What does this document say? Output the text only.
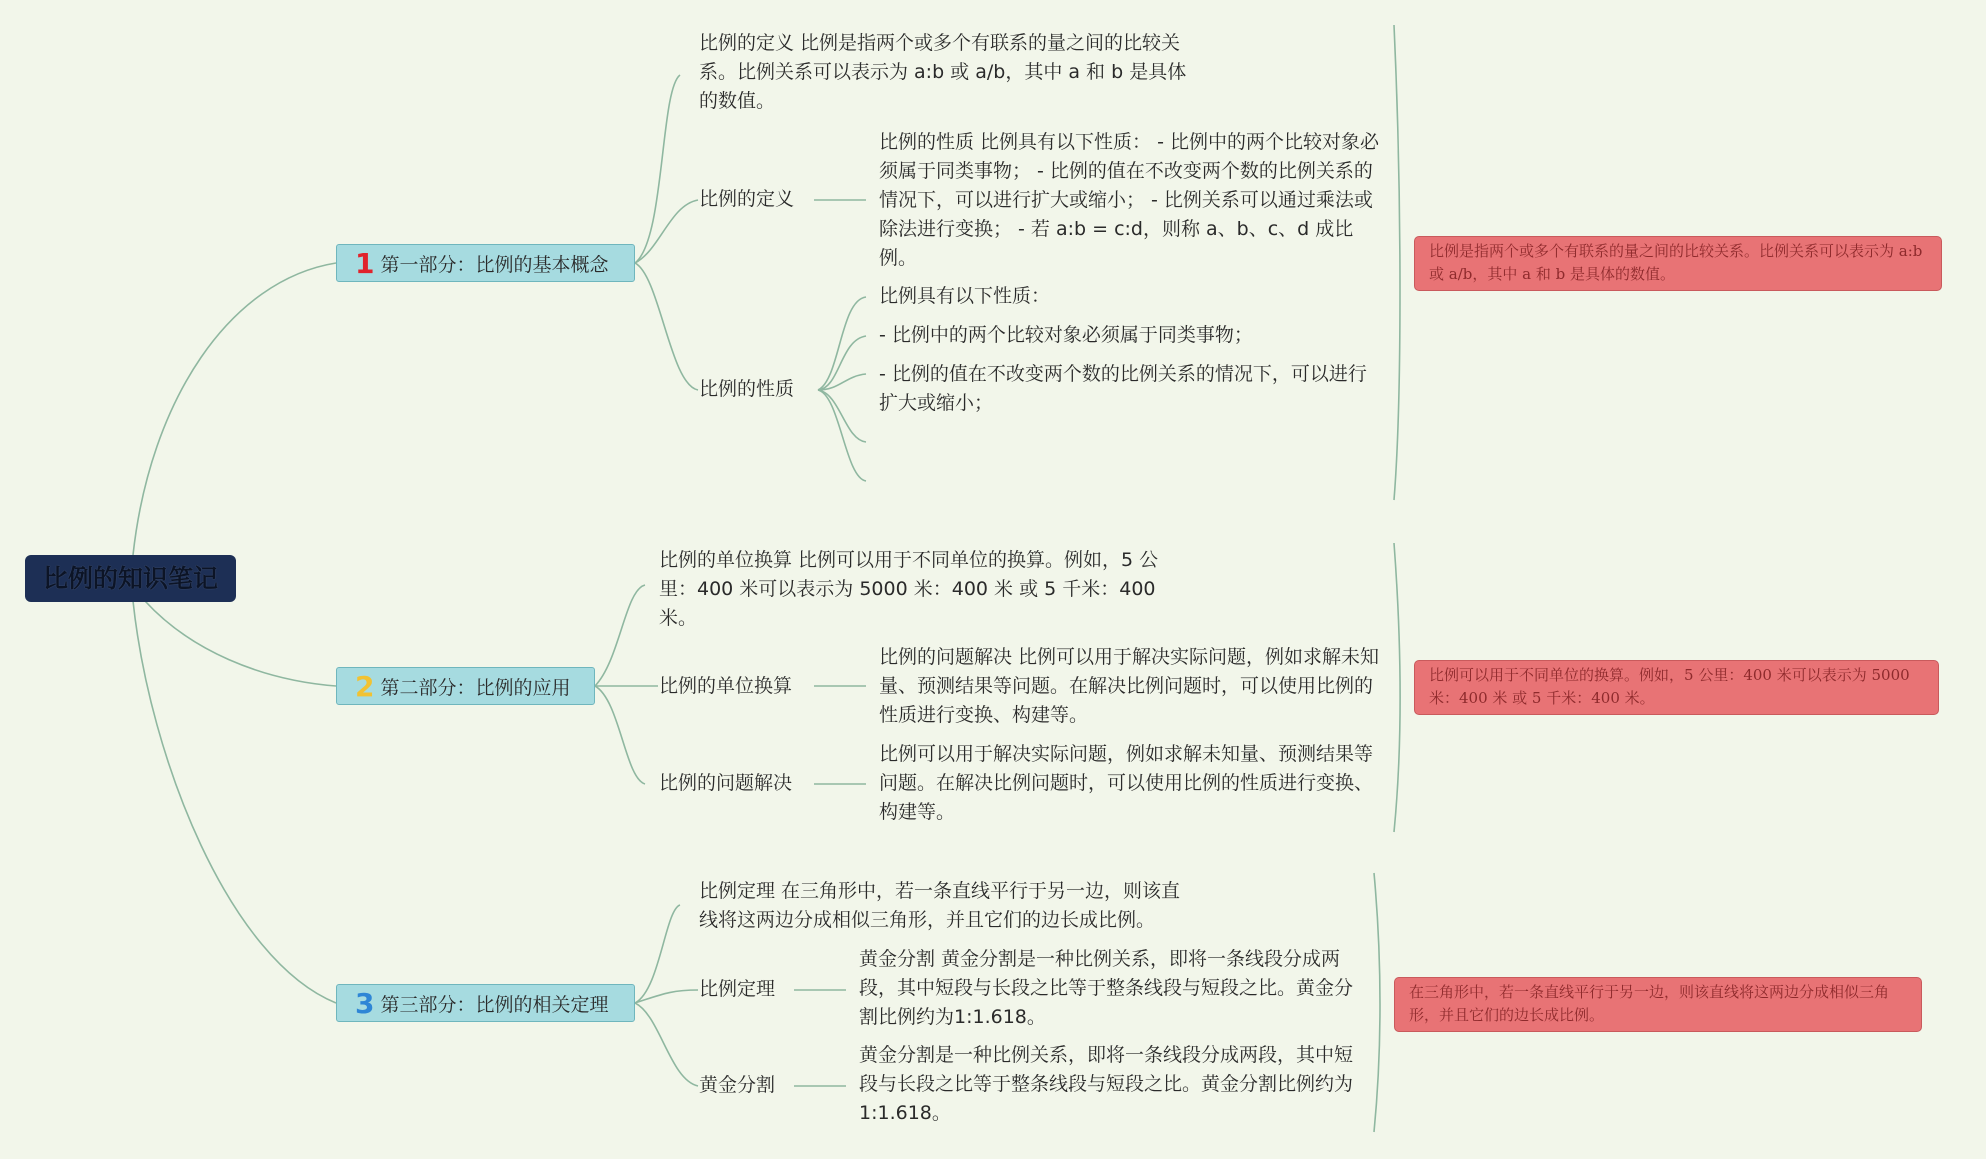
比例的知识笔记
1 第一部分：比例的基本概念
比例的定义 比例是指两个或多个有联系的量之间的比较关系。比例关系可以表示为 a:b 或 a/b，其中 a 和 b 是具体的数值。
比例的定义
比例的性质 比例具有以下性质： - 比例中的两个比较对象必须属于同类事物； - 比例的值在不改变两个数的比例关系的情况下，可以进行扩大或缩小； - 比例关系可以通过乘法或除法进行变换； - 若 a:b = c:d，则称 a、b、c、d 成比例。
比例的性质
比例具有以下性质：
- 比例中的两个比较对象必须属于同类事物；
- 比例的值在不改变两个数的比例关系的情况下，可以进行扩大或缩小；
比例是指两个或多个有联系的量之间的比较关系。比例关系可以表示为 a:b 或 a/b，其中 a 和 b 是具体的数值。
2 第二部分：比例的应用
比例的单位换算 比例可以用于不同单位的换算。例如，5 公里：400 米可以表示为 5000 米：400 米 或 5 千米：400 米。
比例的单位换算
比例的问题解决 比例可以用于解决实际问题，例如求解未知量、预测结果等问题。在解决比例问题时，可以使用比例的性质进行变换、构建等。
比例的问题解决
比例可以用于解决实际问题，例如求解未知量、预测结果等问题。在解决比例问题时，可以使用比例的性质进行变换、构建等。
比例可以用于不同单位的换算。例如，5 公里：400 米可以表示为 5000 米：400 米 或 5 千米：400 米。
3 第三部分：比例的相关定理
比例定理 在三角形中，若一条直线平行于另一边，则该直线将这两边分成相似三角形，并且它们的边长成比例。
比例定理
黄金分割 黄金分割是一种比例关系，即将一条线段分成两段，其中短段与长段之比等于整条线段与短段之比。黄金分割比例约为1:1.618。
黄金分割
黄金分割是一种比例关系，即将一条线段分成两段，其中短段与长段之比等于整条线段与短段之比。黄金分割比例约为1:1.618。
在三角形中，若一条直线平行于另一边，则该直线将这两边分成相似三角形，并且它们的边长成比例。
